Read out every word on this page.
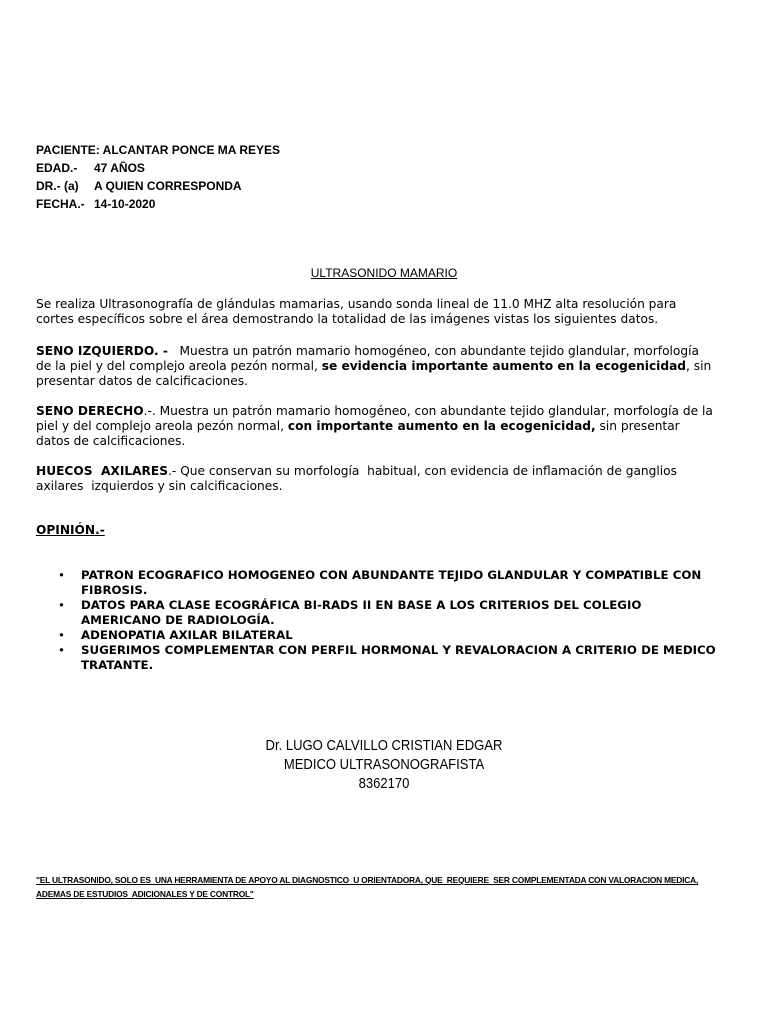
PACIENTE: ALCANTAR PONCE MA REYES
EDAD.-	47 AÑOS
DR.- (a)	A QUIEN CORRESPONDA
FECHA.- 14-10-2020
ULTRASONIDO MAMARIO
Se realiza Ultrasonografía de glándulas mamarias, usando sonda lineal de 11.0 MHZ alta resolución para cortes específicos sobre el área demostrando la totalidad de las imágenes vistas los siguientes datos.
SENO IZQUIERDO. -   Muestra un patrón mamario homogéneo, con abundante tejido glandular, morfología de la piel y del complejo areola pezón normal, se evidencia importante aumento en la ecogenicidad, sin presentar datos de calcificaciones.
SENO DERECHO.-. Muestra un patrón mamario homogéneo, con abundante tejido glandular, morfología de la piel y del complejo areola pezón normal, con importante aumento en la ecogenicidad, sin presentar datos de calcificaciones.
HUECOS  AXILARES.- Que conservan su morfología  habitual, con evidencia de inflamación de ganglios axilares  izquierdos y sin calcificaciones.
OPINIÓN.-
• PATRON ECOGRAFICO HOMOGENEO CON ABUNDANTE TEJIDO GLANDULAR Y COMPATIBLE CON FIBROSIS.
• DATOS PARA CLASE ECOGRÁFICA BI-RADS II EN BASE A LOS CRITERIOS DEL COLEGIO AMERICANO DE RADIOLOGÍA.
• ADENOPATIA AXILAR BILATERAL
• SUGERIMOS COMPLEMENTAR CON PERFIL HORMONAL Y REVALORACION A CRITERIO DE MEDICO TRATANTE.
Dr. LUGO CALVILLO CRISTIAN EDGAR
MEDICO ULTRASONOGRAFISTA
8362170
"EL ULTRASONIDO, SOLO ES  UNA HERRAMIENTA DE APOYO AL DIAGNOSTICO  U ORIENTADORA, QUE  REQUIERE  SER COMPLEMENTADA CON VALORACION MEDICA,
ADEMAS DE ESTUDIOS  ADICIONALES Y DE CONTROL"
